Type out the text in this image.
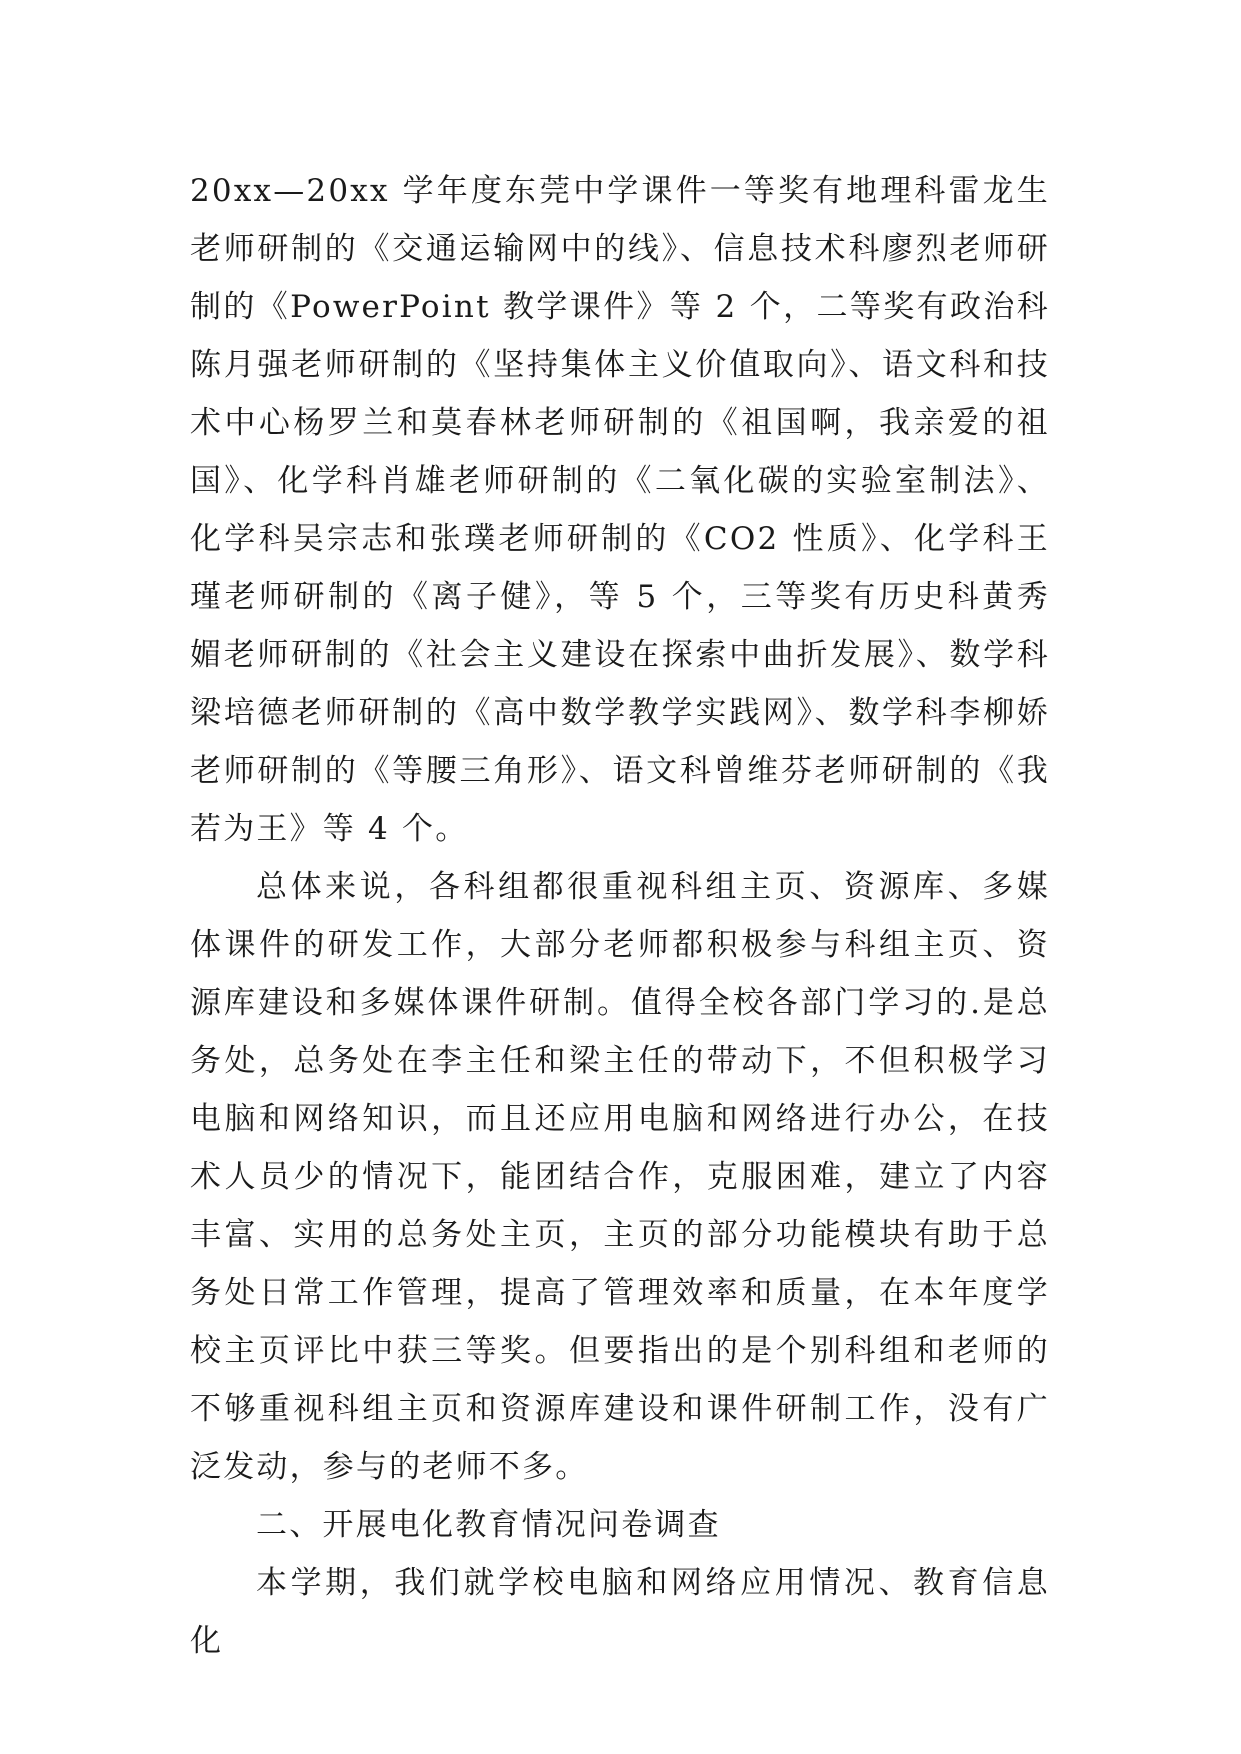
20xx—20xx 学年度东莞中学课件一等奖有地理科雷龙生老师研制的《交通运输网中的线》、信息技术科廖烈老师研制的《PowerPoint 教学课件》等 2 个，二等奖有政治科陈月强老师研制的《坚持集体主义价值取向》、语文科和技术中心杨罗兰和莫春林老师研制的《祖国啊，我亲爱的祖国》、化学科肖雄老师研制的《二氧化碳的实验室制法》、化学科吴宗志和张璞老师研制的《CO2 性质》、化学科王瑾老师研制的《离子健》，等 5 个，三等奖有历史科黄秀媚老师研制的《社会主义建设在探索中曲折发展》、数学科梁培德老师研制的《高中数学教学实践网》、数学科李柳娇老师研制的《等腰三角形》、语文科曾维芬老师研制的《我若为王》等 4 个。

总体来说，各科组都很重视科组主页、资源库、多媒体课件的研发工作，大部分老师都积极参与科组主页、资源库建设和多媒体课件研制。值得全校各部门学习的.是总务处，总务处在李主任和梁主任的带动下，不但积极学习电脑和网络知识，而且还应用电脑和网络进行办公，在技术人员少的情况下，能团结合作，克服困难，建立了内容丰富、实用的总务处主页，主页的部分功能模块有助于总务处日常工作管理，提高了管理效率和质量，在本年度学校主页评比中获三等奖。但要指出的是个别科组和老师的不够重视科组主页和资源库建设和课件研制工作，没有广泛发动，参与的老师不多。

二、开展电化教育情况问卷调查

本学期，我们就学校电脑和网络应用情况、教育信息化
